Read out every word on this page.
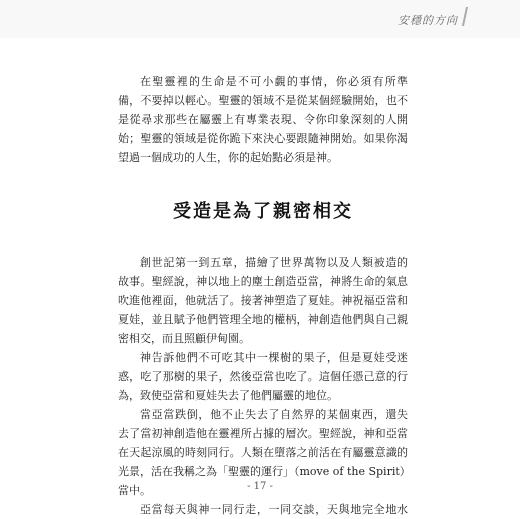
安穩的方向
在聖靈裡的生命是不可小覷的事情，你必須有所準
備，不要掉以輕心。聖靈的領域不是從某個經驗開始，也不
是從尋求那些在屬靈上有專業表現、令你印象深刻的人開
始；聖靈的領域是從你跪下來決心要跟隨神開始。如果你渴
望過一個成功的人生，你的起始點必須是神。
受造是為了親密相交
創世記第一到五章，描繪了世界萬物以及人類被造的
故事。聖經說，神以地上的塵土創造亞當，神將生命的氣息
吹進他裡面，他就活了。接著神塑造了夏娃。神祝福亞當和
夏娃，並且賦予他們管理全地的權柄，神創造他們與自己親
密相交，而且照顧伊甸園。
神告訴他們不可吃其中一棵樹的果子，但是夏娃受迷
惑，吃了那樹的果子，然後亞當也吃了。這個任憑己意的行
為，致使亞當和夏娃失去了他們屬靈的地位。
當亞當跌倒，他不止失去了自然界的某個東西，還失
去了當初神創造他在靈裡所占據的層次。聖經說，神和亞當
在天起涼風的時刻同行。人類在墮落之前活在有屬靈意識的
光景，活在我稱之為「聖靈的運行」（move of the Spirit）
當中。
亞當每天與神一同行走，一同交談，天與地完全地水
- 17 -
